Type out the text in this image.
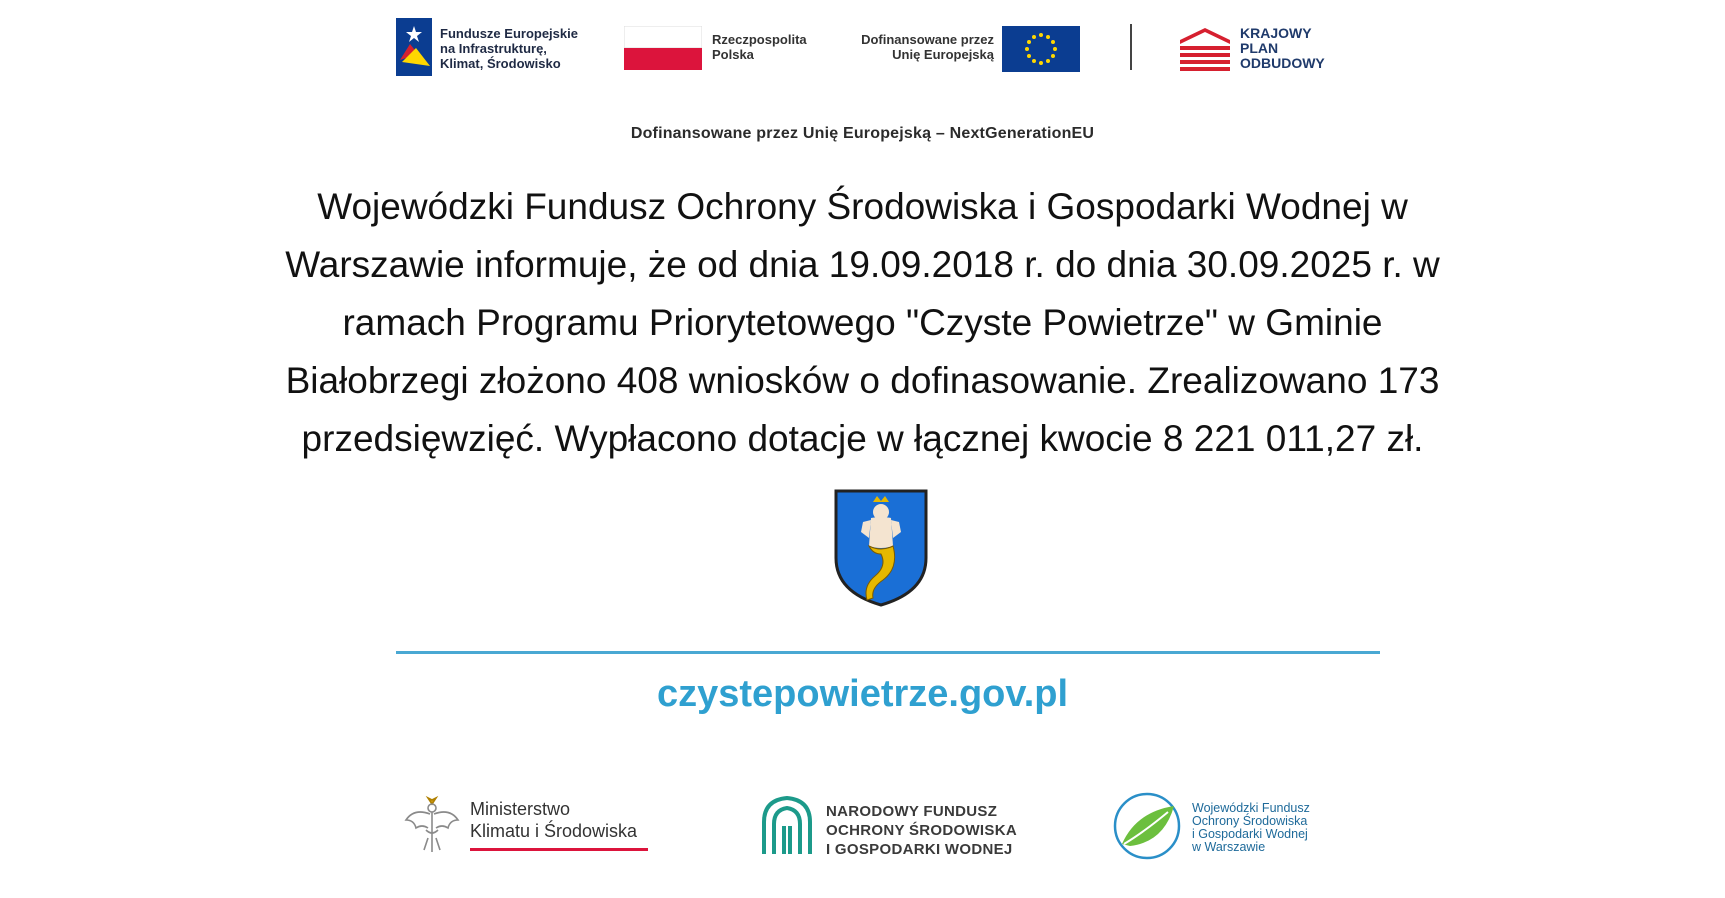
Fundusze Europejskie
na Infrastrukturę,
Klimat, Środowisko
Rzeczpospolita
Polska
Dofinansowane przez
Unię Europejską
KRAJOWY
PLAN
ODBUDOWY
Dofinansowane przez Unię Europejską – NextGenerationEU
Wojewódzki Fundusz Ochrony Środowiska i Gospodarki Wodnej w
Warszawie informuje, że od dnia 19.09.2018 r. do dnia 30.09.2025 r. w
ramach Programu Priorytetowego "Czyste Powietrze" w Gminie
Białobrzegi złożono 408 wniosków o dofinasowanie. Zrealizowano 173
przedsięwzięć. Wypłacono dotacje w łącznej kwocie 8 221 011,27 zł.
czystepowietrze.gov.pl
Ministerstwo
Klimatu i Środowiska
NARODOWY FUNDUSZ
OCHRONY ŚRODOWISKA
I GOSPODARKI WODNEJ
Wojewódzki Fundusz
Ochrony Środowiska
i Gospodarki Wodnej
w Warszawie
